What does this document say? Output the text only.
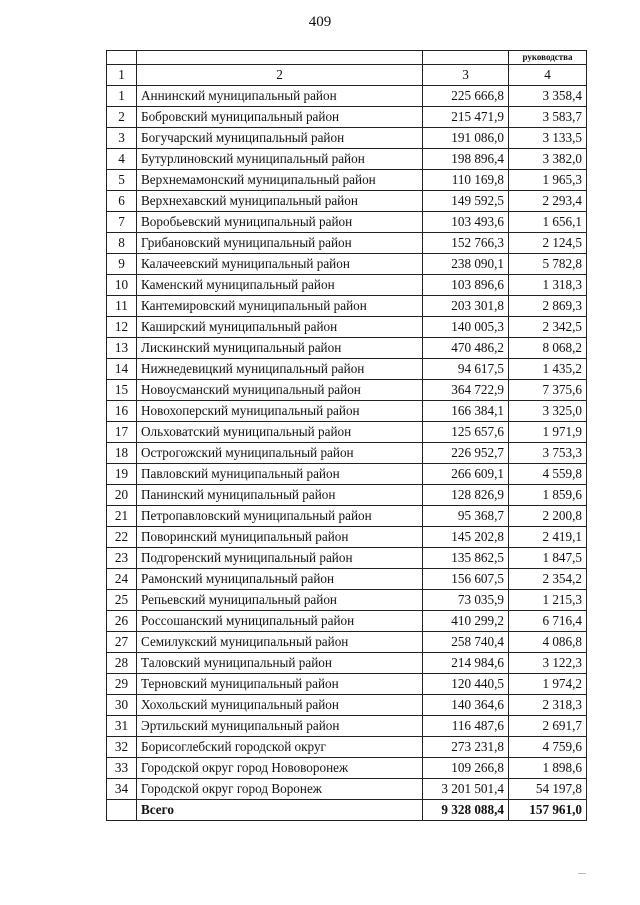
409
			руководства
1	2	3	4
1	Аннинский муниципальный район	225 666,8	3 358,4
2	Бобровский муниципальный район	215 471,9	3 583,7
3	Богучарский муниципальный район	191 086,0	3 133,5
4	Бутурлиновский муниципальный район	198 896,4	3 382,0
5	Верхнемамонский муниципальный район	110 169,8	1 965,3
6	Верхнехавский муниципальный район	149 592,5	2 293,4
7	Воробьевский муниципальный район	103 493,6	1 656,1
8	Грибановский муниципальный район	152 766,3	2 124,5
9	Калачеевский муниципальный район	238 090,1	5 782,8
10	Каменский муниципальный район	103 896,6	1 318,3
11	Кантемировский муниципальный район	203 301,8	2 869,3
12	Каширский муниципальный район	140 005,3	2 342,5
13	Лискинский муниципальный район	470 486,2	8 068,2
14	Нижнедевицкий муниципальный район	94 617,5	1 435,2
15	Новоусманский муниципальный район	364 722,9	7 375,6
16	Новохоперский муниципальный район	166 384,1	3 325,0
17	Ольховатский муниципальный район	125 657,6	1 971,9
18	Острогожский муниципальный район	226 952,7	3 753,3
19	Павловский муниципальный район	266 609,1	4 559,8
20	Панинский муниципальный район	128 826,9	1 859,6
21	Петропавловский муниципальный район	95 368,7	2 200,8
22	Поворинский муниципальный район	145 202,8	2 419,1
23	Подгоренский муниципальный район	135 862,5	1 847,5
24	Рамонский муниципальный район	156 607,5	2 354,2
25	Репьевский муниципальный район	73 035,9	1 215,3
26	Россошанский муниципальный район	410 299,2	6 716,4
27	Семилукский муниципальный район	258 740,4	4 086,8
28	Таловский муниципальный район	214 984,6	3 122,3
29	Терновский муниципальный район	120 440,5	1 974,2
30	Хохольский муниципальный район	140 364,6	2 318,3
31	Эртильский муниципальный район	116 487,6	2 691,7
32	Борисоглебский городской округ	273 231,8	4 759,6
33	Городской округ город Нововоронеж	109 266,8	1 898,6
34	Городской округ город Воронеж	3 201 501,4	54 197,8
	Всего	9 328 088,4	157 961,0
